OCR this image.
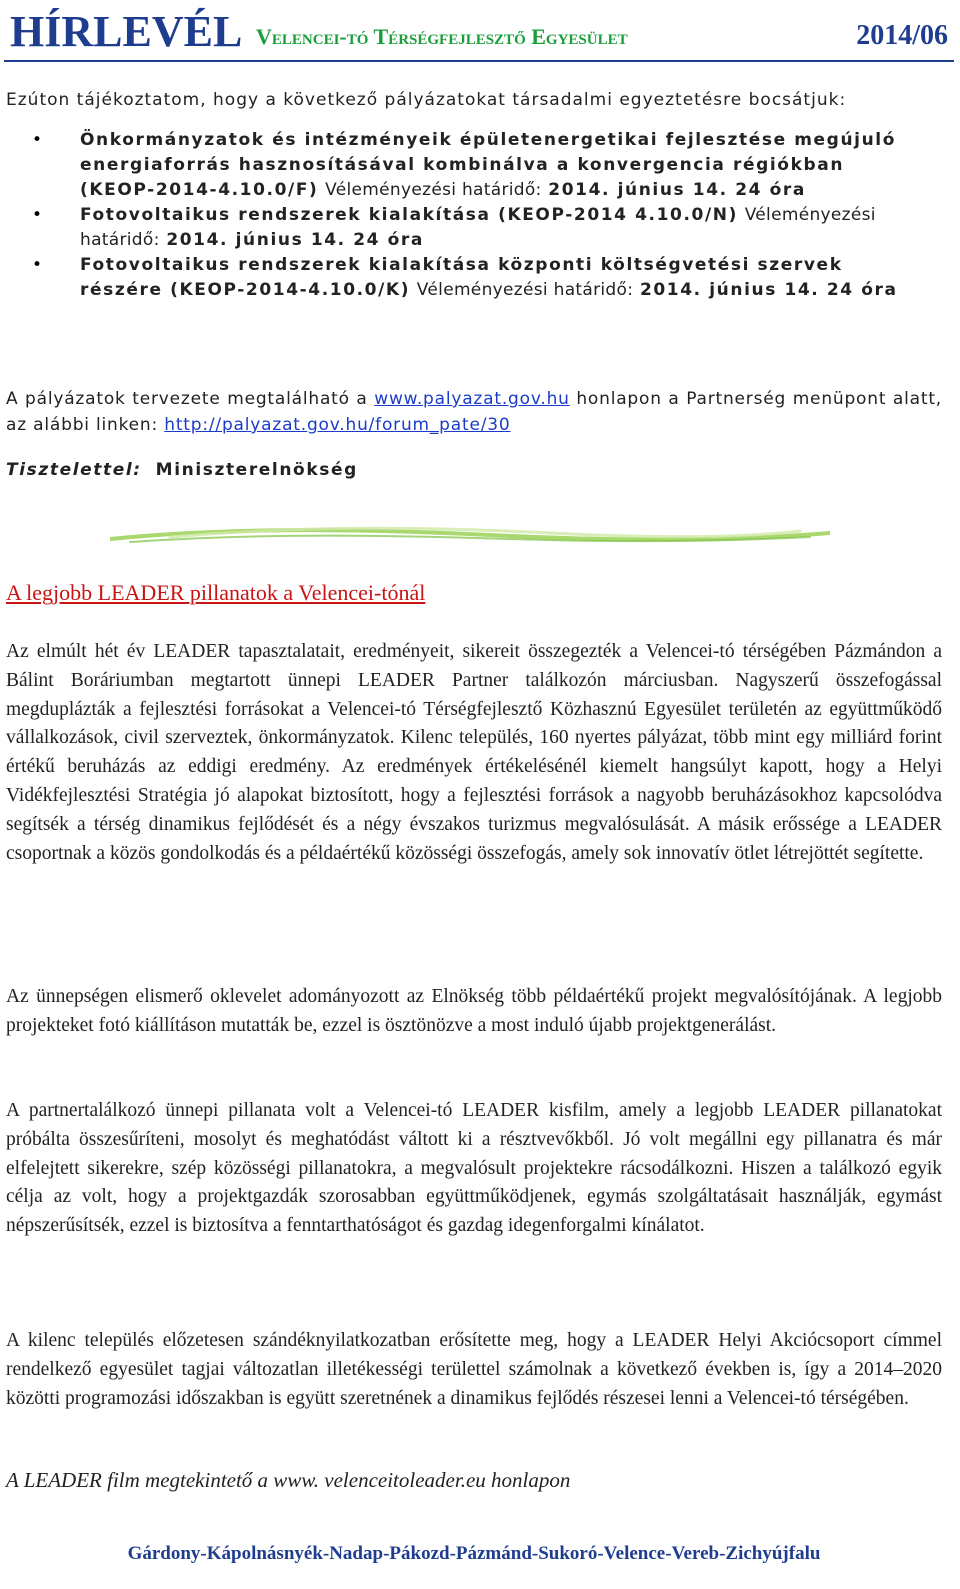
HÍRLEVÉL Velencei-tó Térségfejlesztő Egyesület	2014/06
Ezúton tájékoztatom, hogy a következő pályázatokat társadalmi egyeztetésre bocsátjuk:
• Önkormányzatok és intézményeik épületenergetikai fejlesztése megújuló energiaforrás hasznosításával kombinálva a konvergencia régiókban (KEOP-2014-4.10.0/F) Véleményezési határidő: 2014. június 14. 24 óra
• Fotovoltaikus rendszerek kialakítása (KEOP-2014 4.10.0/N) Véleményezési határidő: 2014. június 14. 24 óra
• Fotovoltaikus rendszerek kialakítása központi költségvetési szervek részére (KEOP-2014-4.10.0/K) Véleményezési határidő: 2014. június 14. 24 óra
A pályázatok tervezete megtalálható a www.palyazat.gov.hu honlapon a Partnerség menüpont alatt, az alábbi linken: http://palyazat.gov.hu/forum_pate/30
Tisztelettel: Miniszterelnökség
A legjobb LEADER pillanatok a Velencei-tónál

Az elmúlt hét év LEADER tapasztalatait, eredményeit, sikereit összegezték a Velencei-tó térségében Pázmándon a Bálint Boráriumban megtartott ünnepi LEADER Partner találkozón márciusban. Nagyszerű összefogással megduplázták a fejlesztési forrásokat a Velencei-tó Térségfejlesztő Közhasznú Egyesület területén az együttműködő vállalkozások, civil szerveztek, önkormányzatok. Kilenc település, 160 nyertes pályázat, több mint egy milliárd forint értékű beruházás az eddigi eredmény. Az eredmények értékelésénél kiemelt hangsúlyt kapott, hogy a Helyi Vidékfejlesztési Stratégia jó alapokat biztosított, hogy a fejlesztési források a nagyobb beruházásokhoz kapcsolódva segítsék a térség dinamikus fejlődését és a négy évszakos turizmus megvalósulását. A másik erőssége a LEADER csoportnak a közös gondolkodás és a példaértékű közösségi összefogás, amely sok innovatív ötlet létrejöttét segítette.

Az ünnepségen elismerő oklevelet adományozott az Elnökség több példaértékű projekt megvalósítójának. A legjobb projekteket fotó kiállításon mutatták be, ezzel is ösztönözve a most induló újabb projektgenerálást.

A partnertalálkozó ünnepi pillanata volt a Velencei-tó LEADER kisfilm, amely a legjobb LEADER pillanatokat próbálta összesűríteni, mosolyt és meghatódást váltott ki a résztvevőkből. Jó volt megállni egy pillanatra és már elfelejtett sikerekre, szép közösségi pillanatokra, a megvalósult projektekre rácsodálkozni. Hiszen a találkozó egyik célja az volt, hogy a projektgazdák szorosabban együttműködjenek, egymás szolgáltatásait használják, egymást népszerűsítsék, ezzel is biztosítva a fenntarthatóságot és gazdag idegenforgalmi kínálatot.

A kilenc település előzetesen szándéknyilatkozatban erősítette meg, hogy a LEADER Helyi Akciócsoport címmel rendelkező egyesület tagjai változatlan illetékességi területtel számolnak a következő években is, így a 2014–2020 közötti programozási időszakban is együtt szeretnének a dinamikus fejlődés részesei lenni a Velencei-tó térségében.

A LEADER film megtekintető a www. velenceitoleader.eu honlapon
Gárdony-Kápolnásnyék-Nadap-Pákozd-Pázmánd-Sukoró-Velence-Vereb-Zichyújfalu
